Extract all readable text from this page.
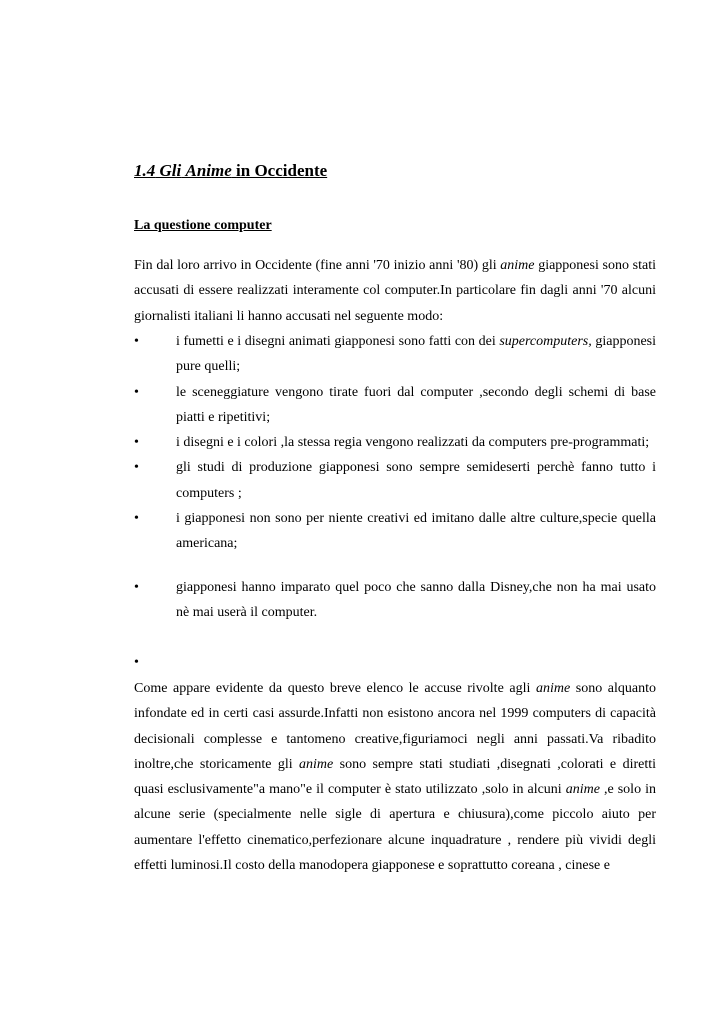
1.4 Gli Anime in Occidente
La questione computer

Fin dal loro arrivo in Occidente (fine anni '70 inizio anni '80) gli anime giapponesi sono stati accusati di essere realizzati interamente col computer.In particolare fin dagli anni '70 alcuni giornalisti italiani li hanno accusati nel seguente modo:

•	i fumetti e i disegni animati giapponesi sono fatti con dei supercomputers, giapponesi pure quelli;
•	le sceneggiature vengono tirate fuori dal computer ,secondo degli schemi di base piatti e ripetitivi;
•	i disegni e i colori ,la stessa regia vengono realizzati da computers pre-programmati;
•	gli studi di produzione giapponesi sono sempre semideserti perchè fanno tutto i computers ;
•	i giapponesi non sono per niente creativi ed imitano dalle altre culture,specie quella americana;
•	giapponesi hanno imparato quel poco che sanno dalla Disney,che non ha mai usato nè mai userà il computer.
•

Come appare evidente da questo breve elenco le accuse rivolte agli anime sono alquanto infondate ed in certi casi assurde.Infatti non esistono ancora nel 1999 computers di capacità decisionali complesse e tantomeno creative,figuriamoci negli anni passati.Va ribadito inoltre,che storicamente gli anime sono sempre stati studiati ,disegnati ,colorati e diretti quasi esclusivamente"a mano"e il computer è stato utilizzato ,solo in alcuni anime ,e solo in alcune serie (specialmente nelle sigle di apertura e chiusura),come piccolo aiuto per aumentare l'effetto cinematico,perfezionare alcune inquadrature , rendere più vividi degli effetti luminosi.Il costo della manodopera giapponese e soprattutto coreana , cinese e
